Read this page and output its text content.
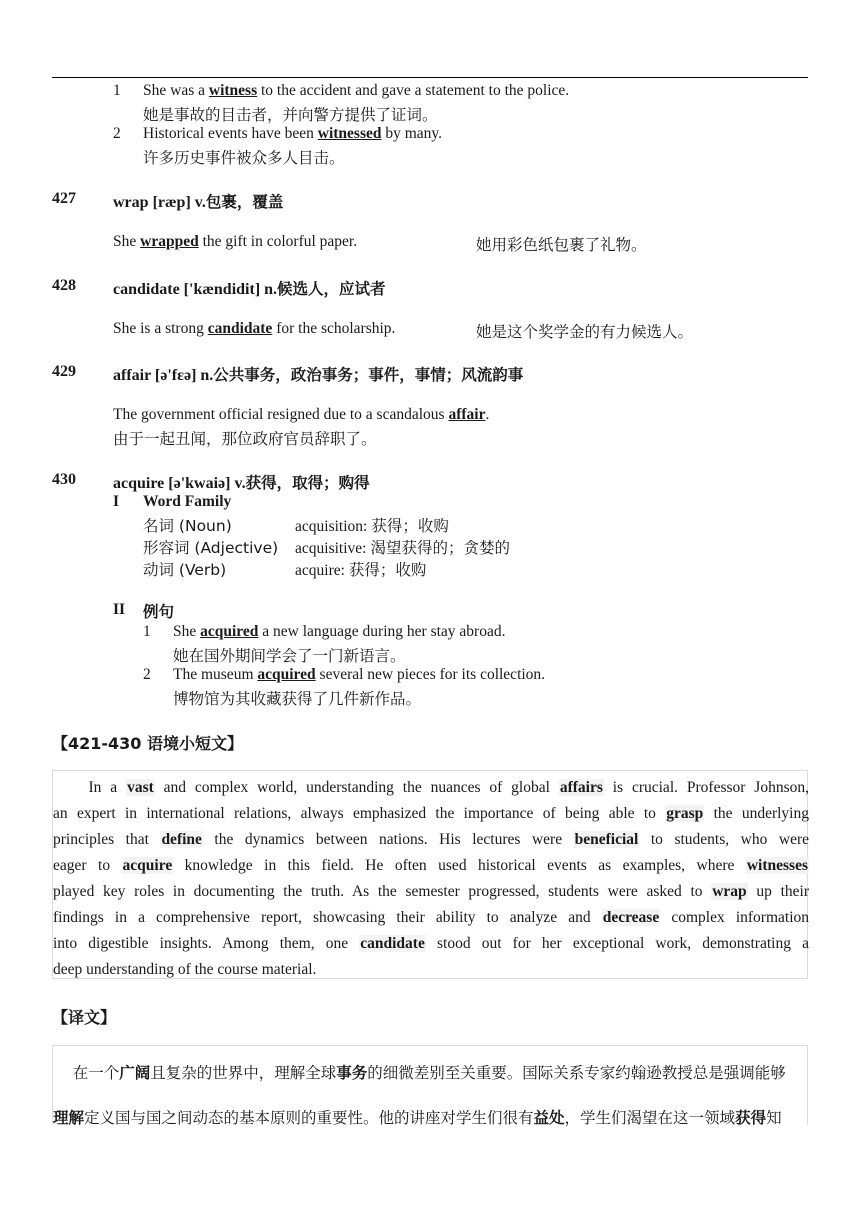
1 She was a witness to the accident and gave a statement to the police.
她是事故的目击者，并向警方提供了证词。
2 Historical events have been witnessed by many.
许多历史事件被众多人目击。
427 wrap [ræp] v.包裹，覆盖
She wrapped the gift in colorful paper.	她用彩色纸包裹了礼物。
428 candidate ['kændidit] n.候选人，应试者
She is a strong candidate for the scholarship.	她是这个奖学金的有力候选人。
429 affair [ə'fɛə] n.公共事务，政治事务；事件，事情；风流韵事
The government official resigned due to a scandalous affair.
由于一起丑闻，那位政府官员辞职了。
430 acquire [ə'kwaiə] v.获得，取得；购得
I Word Family
名词 (Noun)	acquisition: 获得；收购
形容词 (Adjective) acquisitive: 渴望获得的；贪婪的
动词 (Verb)	acquire: 获得；收购
II 例句
1 She acquired a new language during her stay abroad.
她在国外期间学会了一门新语言。
2 The museum acquired several new pieces for its collection.
博物馆为其收藏获得了几件新作品。
【421-430 语境小短文】
In a vast and complex world, understanding the nuances of global affairs is crucial. Professor Johnson,
an expert in international relations, always emphasized the importance of being able to grasp the underlying
principles that define the dynamics between nations. His lectures were beneficial to students, who were
eager to acquire knowledge in this field. He often used historical events as examples, where witnesses
played key roles in documenting the truth. As the semester progressed, students were asked to wrap up their
findings in a comprehensive report, showcasing their ability to analyze and decrease complex information
into digestible insights. Among them, one candidate stood out for her exceptional work, demonstrating a
deep understanding of the course material.
【译文】
在一个广阔且复杂的世界中，理解全球事务的细微差别至关重要。国际关系专家约翰逊教授总是强调能够
理解定义国与国之间动态的基本原则的重要性。他的讲座对学生们很有益处，学生们渴望在这一领域获得知
